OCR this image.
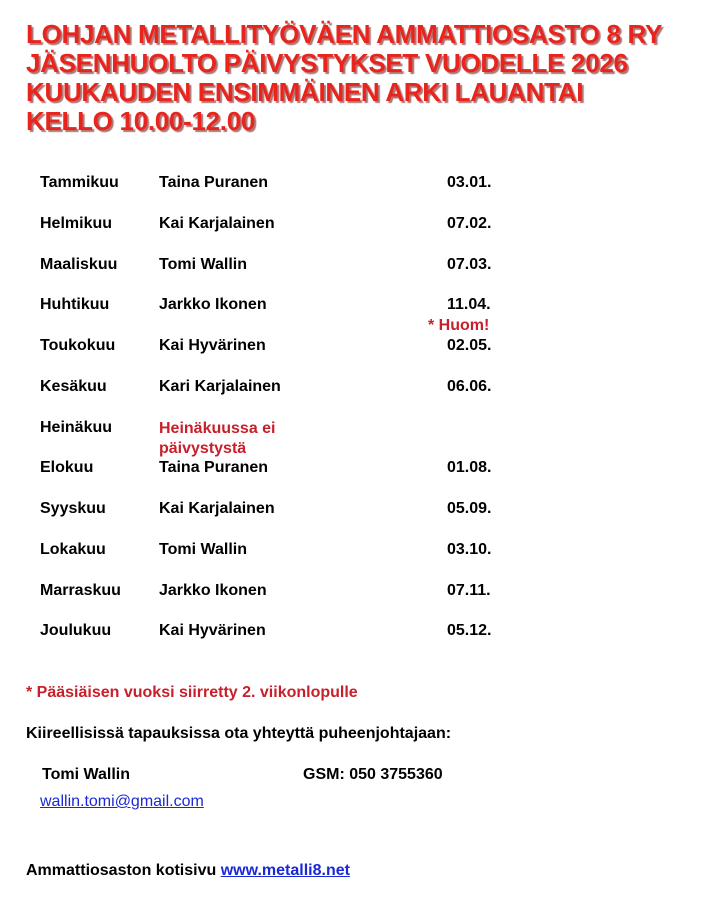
LOHJAN METALLITYÖVÄEN AMMATTIOSASTO 8 RY
JÄSENHUOLTO PÄIVYSTYKSET VUODELLE 2026
KUUKAUDEN ENSIMMÄINEN ARKI LAUANTAI
KELLO 10.00-12.00
Tammikuu	Taina Puranen	03.01.
Helmikuu	Kai Karjalainen	07.02.
Maaliskuu	Tomi Wallin	07.03.
Huhtikuu	Jarkko Ikonen	11.04.
* Huom!
Toukokuu	Kai Hyvärinen	02.05.
Kesäkuu	Kari Karjalainen	06.06.
Heinäkuu	Heinäkuussa ei
päivystystä
Elokuu	Taina Puranen	01.08.
Syyskuu	Kai Karjalainen	05.09.
Lokakuu	Tomi Wallin	03.10.
Marraskuu Jarkko Ikonen	07.11.
Joulukuu	Kai Hyvärinen	05.12.
* Pääsiäisen vuoksi siirretty 2. viikonlopulle
Kiireellisissä tapauksissa ota yhteyttä puheenjohtajaan:
Tomi Wallin	GSM: 050 3755360
wallin.tomi@gmail.com
Ammattiosaston kotisivu www.metalli8.net
